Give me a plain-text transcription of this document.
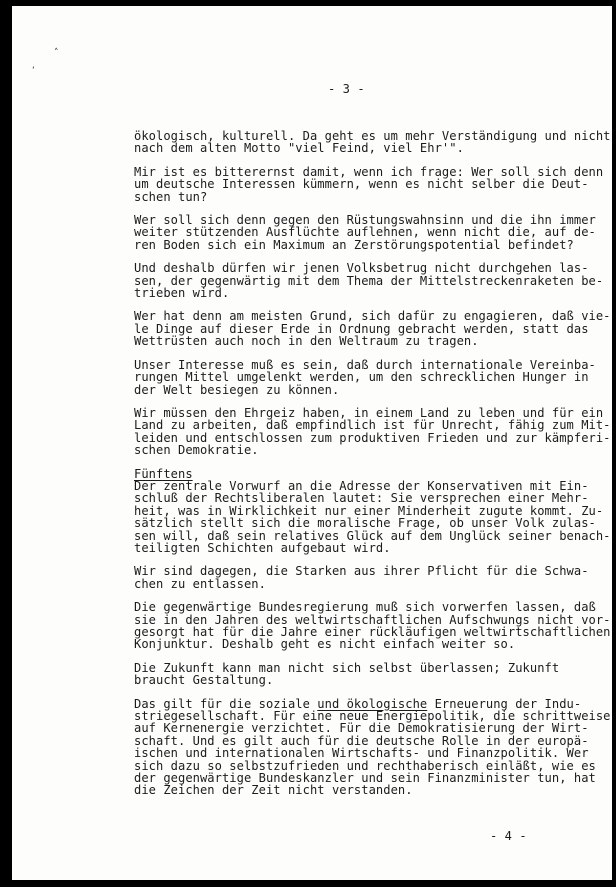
˄
ʻ

- 3 -

ökologisch, kulturell. Da geht es um mehr Verständigung und nicht
nach dem alten Motto "viel Feind, viel Ehr'".
Mir ist es bitterernst damit, wenn ich frage: Wer soll sich denn
um deutsche Interessen kümmern, wenn es nicht selber die Deut-
schen tun?
Wer soll sich denn gegen den Rüstungswahnsinn und die ihn immer
weiter stützenden Ausflüchte auflehnen, wenn nicht die, auf de-
ren Boden sich ein Maximum an Zerstörungspotential befindet?
Und deshalb dürfen wir jenen Volksbetrug nicht durchgehen las-
sen, der gegenwärtig mit dem Thema der Mittelstreckenraketen be-
trieben wird.
Wer hat denn am meisten Grund, sich dafür zu engagieren, daß vie-
le Dinge auf dieser Erde in Ordnung gebracht werden, statt das
Wettrüsten auch noch in den Weltraum zu tragen.
Unser Interesse muß es sein, daß durch internationale Vereinba-
rungen Mittel umgelenkt werden, um den schrecklichen Hunger in
der Welt besiegen zu können.
Wir müssen den Ehrgeiz haben, in einem Land zu leben und für ein
Land zu arbeiten, daß empfindlich ist für Unrecht, fähig zum Mit-
leiden und entschlossen zum produktiven Frieden und zur kämpferi-
schen Demokratie.
Fünftens
Der zentrale Vorwurf an die Adresse der Konservativen mit Ein-
schluß der Rechtsliberalen lautet: Sie versprechen einer Mehr-
heit, was in Wirklichkeit nur einer Minderheit zugute kommt. Zu-
sätzlich stellt sich die moralische Frage, ob unser Volk zulas-
sen will, daß sein relatives Glück auf dem Unglück seiner benach-
teiligten Schichten aufgebaut wird.
Wir sind dagegen, die Starken aus ihrer Pflicht für die Schwa-
chen zu entlassen.
Die gegenwärtige Bundesregierung muß sich vorwerfen lassen, daß
sie in den Jahren des weltwirtschaftlichen Aufschwungs nicht vor-
gesorgt hat für die Jahre einer rückläufigen weltwirtschaftlichen
Konjunktur. Deshalb geht es nicht einfach weiter so.
Die Zukunft kann man nicht sich selbst überlassen; Zukunft
braucht Gestaltung.
Das gilt für die soziale und ökologische Erneuerung der Indu-
striegesellschaft. Für eine neue Energiepolitik, die schrittweise
auf Kernenergie verzichtet. Für die Demokratisierung der Wirt-
schaft. Und es gilt auch für die deutsche Rolle in der europä-
ischen und internationalen Wirtschafts- und Finanzpolitik. Wer
sich dazu so selbstzufrieden und rechthaberisch einläßt, wie es
der gegenwärtige Bundeskanzler und sein Finanzminister tun, hat
die Zeichen der Zeit nicht verstanden.

- 4 -
